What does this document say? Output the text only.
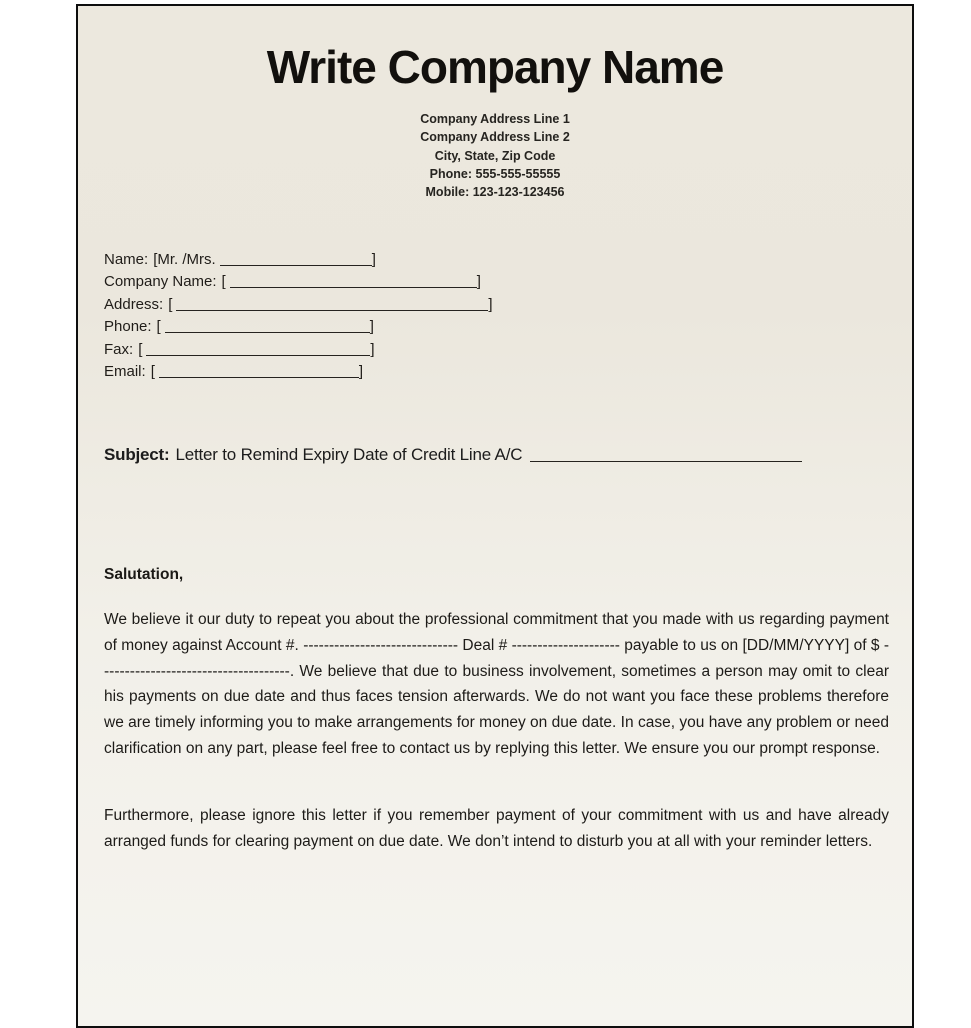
Write Company Name
Company Address Line 1
Company Address Line 2
City, State, Zip Code
Phone: 555-555-55555
Mobile: 123-123-123456
Name: [Mr. /Mrs.	]
Company Name: [	]
Address: [	]
Phone: [	]
Fax: [	]
Email: [	]
Subject: Letter to Remind Expiry Date of Credit Line A/C
Salutation,

We believe it our duty to repeat you about the professional commitment that you made with us regarding payment of money against Account #. ------------------------------ Deal # --------------------- payable to us on [DD/MM/YYYY] of $ -------------------------------------. We believe that due to business involvement, sometimes a person may omit to clear his payments on due date and thus faces tension afterwards. We do not want you face these problems therefore we are timely informing you to make arrangements for money on due date. In case, you have any problem or need clarification on any part, please feel free to contact us by replying this letter. We ensure you our prompt response.

Furthermore, please ignore this letter if you remember payment of your commitment with us and have already arranged funds for clearing payment on due date. We don’t intend to disturb you at all with your reminder letters.
